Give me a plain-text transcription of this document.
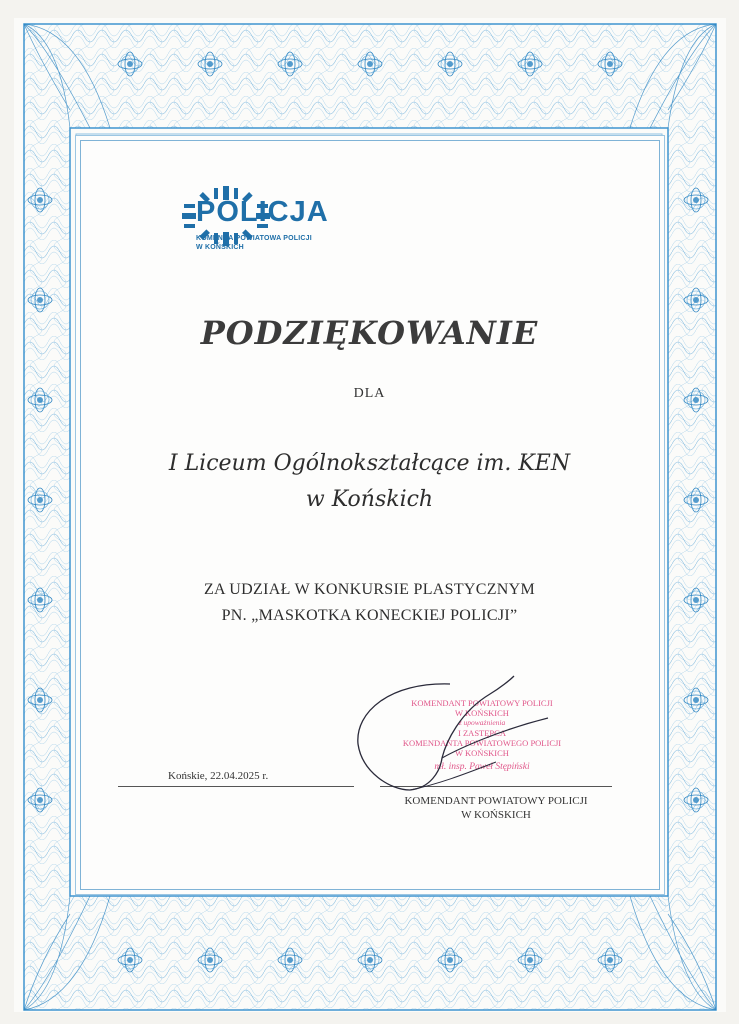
POLICJA
KOMENDA POWIATOWA POLICJI
W KOŃSKICH
PODZIĘKOWANIE
DLA
I Liceum Ogólnokształcące im. KEN
w Końskich
ZA UDZIAŁ W KONKURSIE PLASTYCZNYM
PN. „MASKOTKA KONECKIEJ POLICJI”
Końskie, 22.04.2025 r.
KOMENDANT POWIATOWY POLICJI
W KOŃSKICH
z upoważnienia
I ZASTĘPCA
KOMENDANTA POWIATOWEGO POLICJI
W KOŃSKICH
mł. insp. Paweł Stępiński
KOMENDANT POWIATOWY POLICJI
W KOŃSKICH
